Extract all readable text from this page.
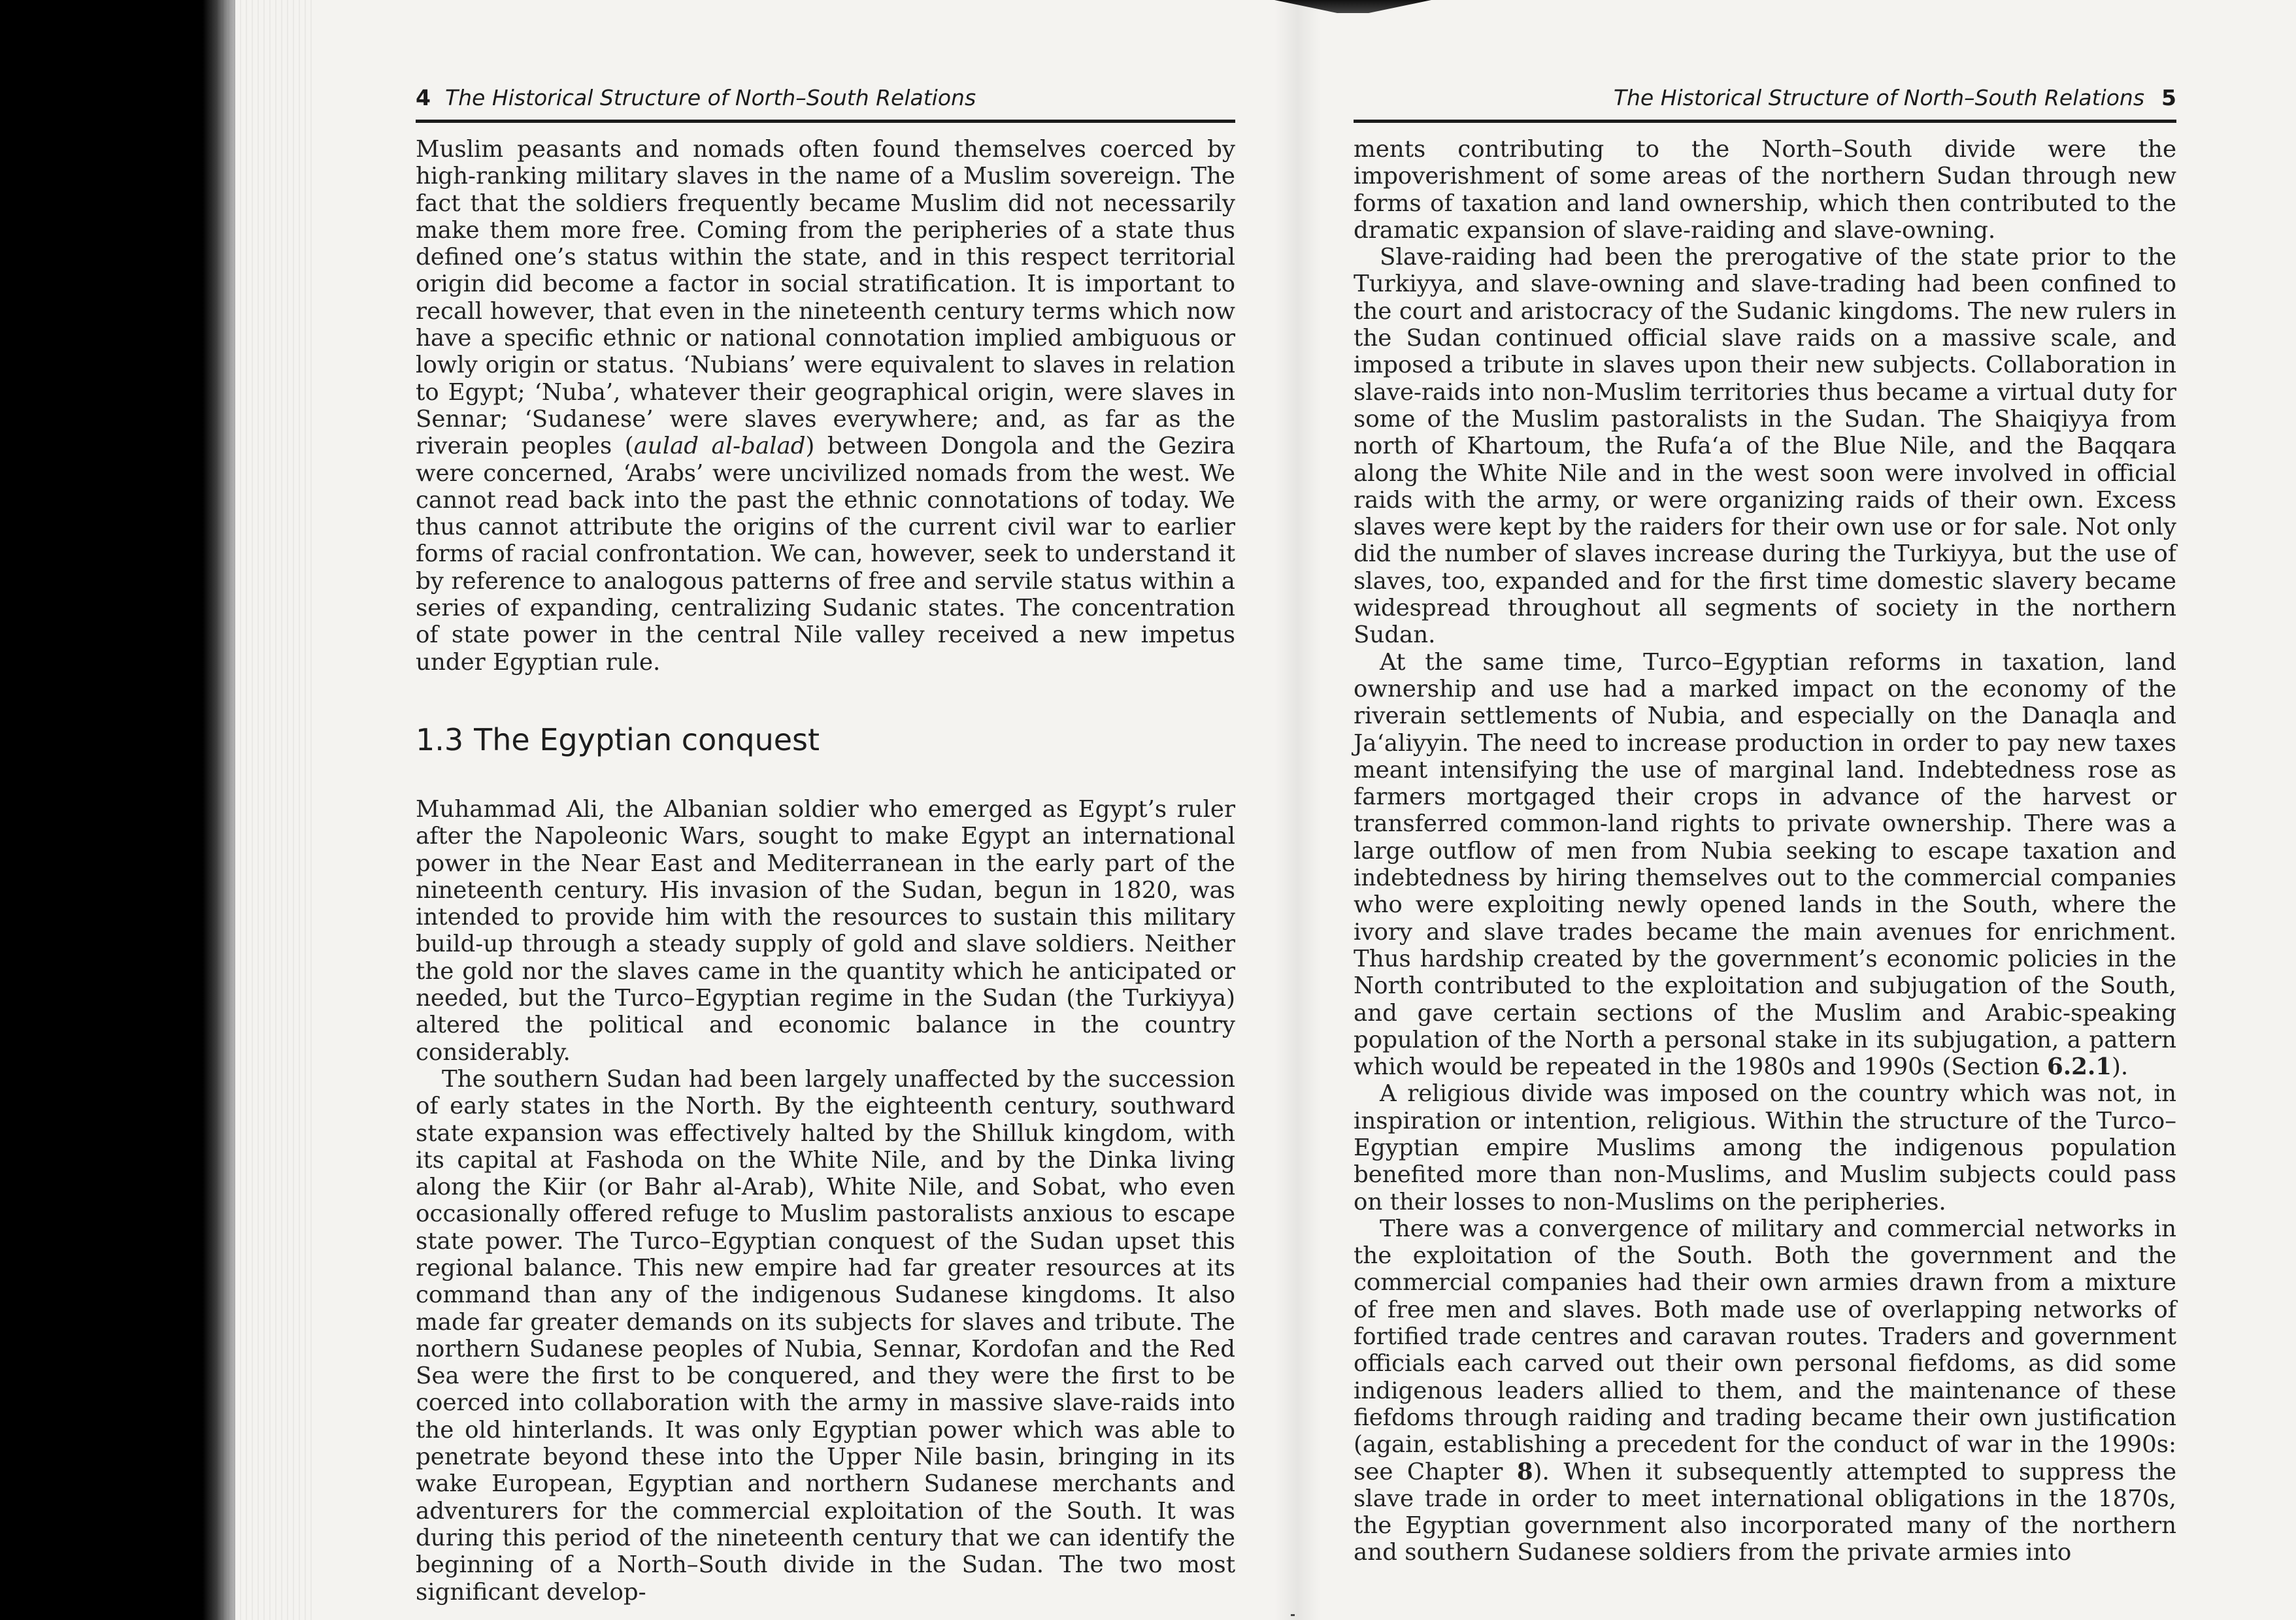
4 The Historical Structure of North–South Relations

Muslim peasants and nomads often found themselves coerced by high-ranking military slaves in the name of a Muslim sovereign. The fact that the soldiers frequently became Muslim did not necessarily make them more free. Coming from the peripheries of a state thus defined one’s status within the state, and in this respect territorial origin did become a factor in social stratification. It is important to recall however, that even in the nineteenth century terms which now have a specific ethnic or national connotation implied ambiguous or lowly origin or status. ‘Nubians’ were equivalent to slaves in relation to Egypt; ‘Nuba’, whatever their geographical origin, were slaves in Sennar; ‘Sudanese’ were slaves everywhere; and, as far as the riverain peoples (aulad al-balad) between Dongola and the Gezira were concerned, ‘Arabs’ were uncivilized nomads from the west. We cannot read back into the past the ethnic connotations of today. We thus cannot attribute the origins of the current civil war to earlier forms of racial confrontation. We can, however, seek to understand it by reference to analogous patterns of free and servile status within a series of expanding, centralizing Sudanic states. The concentration of state power in the central Nile valley received a new impetus under Egyptian rule.

1.3 The Egyptian conquest

Muhammad Ali, the Albanian soldier who emerged as Egypt’s ruler after the Napoleonic Wars, sought to make Egypt an international power in the Near East and Mediterranean in the early part of the nineteenth century. His invasion of the Sudan, begun in 1820, was intended to provide him with the resources to sustain this military build-up through a steady supply of gold and slave soldiers. Neither the gold nor the slaves came in the quantity which he anticipated or needed, but the Turco–Egyptian regime in the Sudan (the Turkiyya) altered the political and economic balance in the country considerably.

The southern Sudan had been largely unaffected by the succession of early states in the North. By the eighteenth century, southward state expansion was effectively halted by the Shilluk kingdom, with its capital at Fashoda on the White Nile, and by the Dinka living along the Kiir (or Bahr al-Arab), White Nile, and Sobat, who even occasionally offered refuge to Muslim pastoralists anxious to escape state power. The Turco–Egyptian conquest of the Sudan upset this regional balance. This new empire had far greater resources at its command than any of the indigenous Sudanese kingdoms. It also made far greater demands on its subjects for slaves and tribute. The northern Sudanese peoples of Nubia, Sennar, Kordofan and the Red Sea were the first to be conquered, and they were the first to be coerced into collaboration with the army in massive slave-raids into the old hinterlands. It was only Egyptian power which was able to penetrate beyond these into the Upper Nile basin, bringing in its wake European, Egyptian and northern Sudanese merchants and adventurers for the commercial exploitation of the South. It was during this period of the nineteenth century that we can identify the beginning of a North–South divide in the Sudan. The two most significant develop-

The Historical Structure of North–South Relations 5

ments contributing to the North–South divide were the impoverishment of some areas of the northern Sudan through new forms of taxation and land ownership, which then contributed to the dramatic expansion of slave-raiding and slave-owning.

Slave-raiding had been the prerogative of the state prior to the Turkiyya, and slave-owning and slave-trading had been confined to the court and aristocracy of the Sudanic kingdoms. The new rulers in the Sudan continued official slave raids on a massive scale, and imposed a tribute in slaves upon their new subjects. Collaboration in slave-raids into non-Muslim territories thus became a virtual duty for some of the Muslim pastoralists in the Sudan. The Shaiqiyya from north of Khartoum, the Rufa‘a of the Blue Nile, and the Baqqara along the White Nile and in the west soon were involved in official raids with the army, or were organizing raids of their own. Excess slaves were kept by the raiders for their own use or for sale. Not only did the number of slaves increase during the Turkiyya, but the use of slaves, too, expanded and for the first time domestic slavery became widespread throughout all segments of society in the northern Sudan.

At the same time, Turco–Egyptian reforms in taxation, land ownership and use had a marked impact on the economy of the riverain settlements of Nubia, and especially on the Danaqla and Ja‘aliyyin. The need to increase production in order to pay new taxes meant intensifying the use of marginal land. Indebtedness rose as farmers mortgaged their crops in advance of the harvest or transferred common-land rights to private ownership. There was a large outflow of men from Nubia seeking to escape taxation and indebtedness by hiring themselves out to the commercial companies who were exploiting newly opened lands in the South, where the ivory and slave trades became the main avenues for enrichment. Thus hardship created by the government’s economic policies in the North contributed to the exploitation and subjugation of the South, and gave certain sections of the Muslim and Arabic-speaking population of the North a personal stake in its subjugation, a pattern which would be repeated in the 1980s and 1990s (Section 6.2.1).

A religious divide was imposed on the country which was not, in inspiration or intention, religious. Within the structure of the Turco–Egyptian empire Muslims among the indigenous population benefited more than non-Muslims, and Muslim subjects could pass on their losses to non-Muslims on the peripheries.

There was a convergence of military and commercial networks in the exploitation of the South. Both the government and the commercial companies had their own armies drawn from a mixture of free men and slaves. Both made use of overlapping networks of fortified trade centres and caravan routes. Traders and government officials each carved out their own personal fiefdoms, as did some indigenous leaders allied to them, and the maintenance of these fiefdoms through raiding and trading became their own justification (again, establishing a precedent for the conduct of war in the 1990s: see Chapter 8). When it subsequently attempted to suppress the slave trade in order to meet international obligations in the 1870s, the Egyptian government also incorporated many of the northern and southern Sudanese soldiers from the private armies into
